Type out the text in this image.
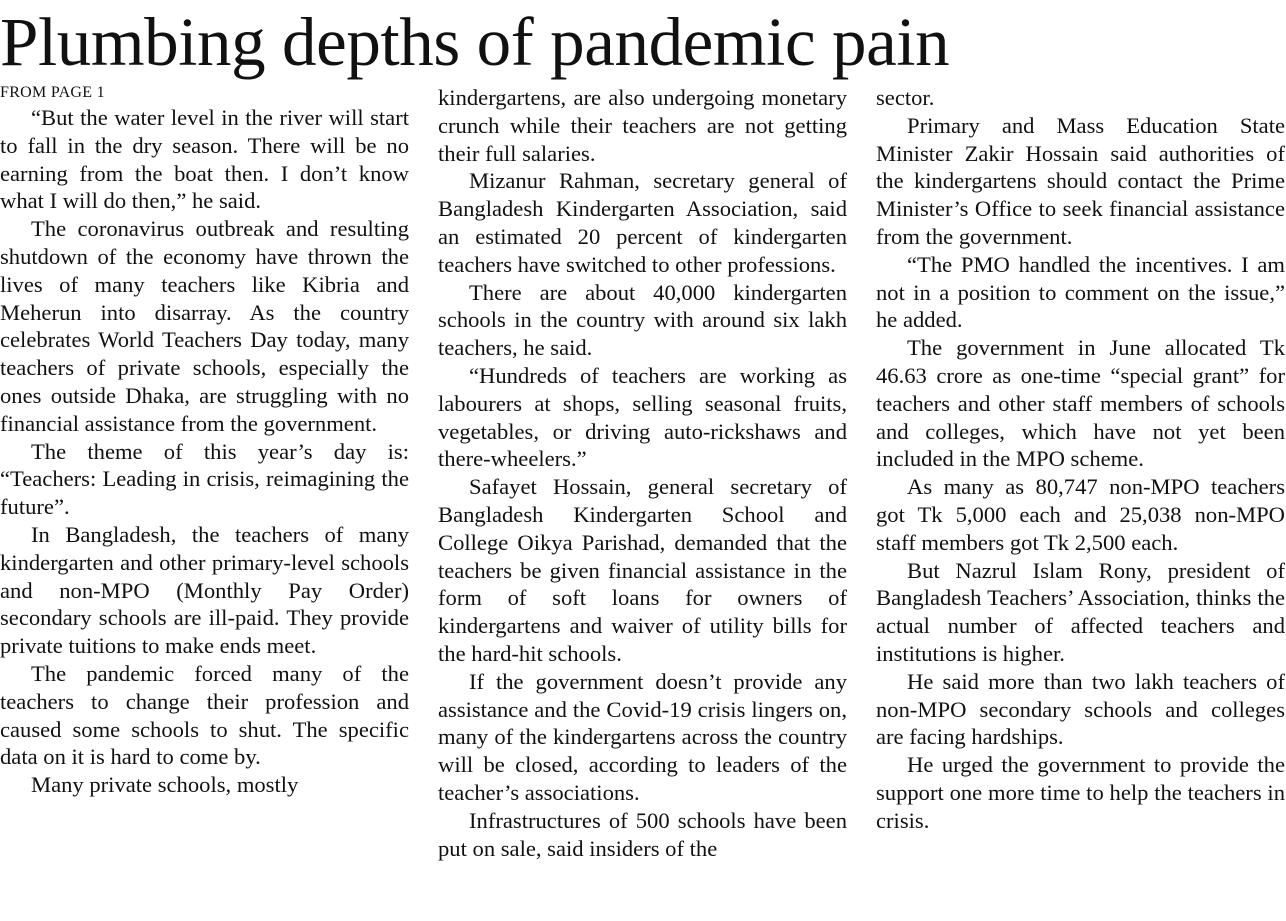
Plumbing depths of pandemic pain

FROM PAGE 1

“But the water level in the river will start to fall in the dry season. There will be no earning from the boat then. I don’t know what I will do then,” he said.

The coronavirus outbreak and resulting shutdown of the economy have thrown the lives of many teachers like Kibria and Meherun into disarray. As the country celebrates World Teachers Day today, many teachers of private schools, especially the ones outside Dhaka, are struggling with no financial assistance from the government.

The theme of this year’s day is: “Teachers: Leading in crisis, reimagining the future”.

In Bangladesh, the teachers of many kindergarten and other primary-level schools and non-MPO (Monthly Pay Order) secondary schools are ill-paid. They provide private tuitions to make ends meet.

The pandemic forced many of the teachers to change their profession and caused some schools to shut. The specific data on it is hard to come by.

Many private schools, mostly

kindergartens, are also undergoing monetary crunch while their teachers are not getting their full salaries.

Mizanur Rahman, secretary general of Bangladesh Kindergarten Association, said an estimated 20 percent of kindergarten teachers have switched to other professions.

There are about 40,000 kindergarten schools in the country with around six lakh teachers, he said.

“Hundreds of teachers are working as labourers at shops, selling seasonal fruits, vegetables, or driving auto-rickshaws and there-wheelers.”

Safayet Hossain, general secretary of Bangladesh Kindergarten School and College Oikya Parishad, demanded that the teachers be given financial assistance in the form of soft loans for owners of kindergartens and waiver of utility bills for the hard-hit schools.

If the government doesn’t provide any assistance and the Covid-19 crisis lingers on, many of the kindergartens across the country will be closed, according to leaders of the teacher’s associations.

Infrastructures of 500 schools have been put on sale, said insiders of the

sector.

Primary and Mass Education State Minister Zakir Hossain said authorities of the kindergartens should contact the Prime Minister’s Office to seek financial assistance from the government.

“The PMO handled the incentives. I am not in a position to comment on the issue,” he added.

The government in June allocated Tk 46.63 crore as one-time “special grant” for teachers and other staff members of schools and colleges, which have not yet been included in the MPO scheme.

As many as 80,747 non-MPO teachers got Tk 5,000 each and 25,038 non-MPO staff members got Tk 2,500 each.

But Nazrul Islam Rony, president of Bangladesh Teachers’ Association, thinks the actual number of affected teachers and institutions is higher.

He said more than two lakh teachers of non-MPO secondary schools and colleges are facing hardships.

He urged the government to provide the support one more time to help the teachers in crisis.
